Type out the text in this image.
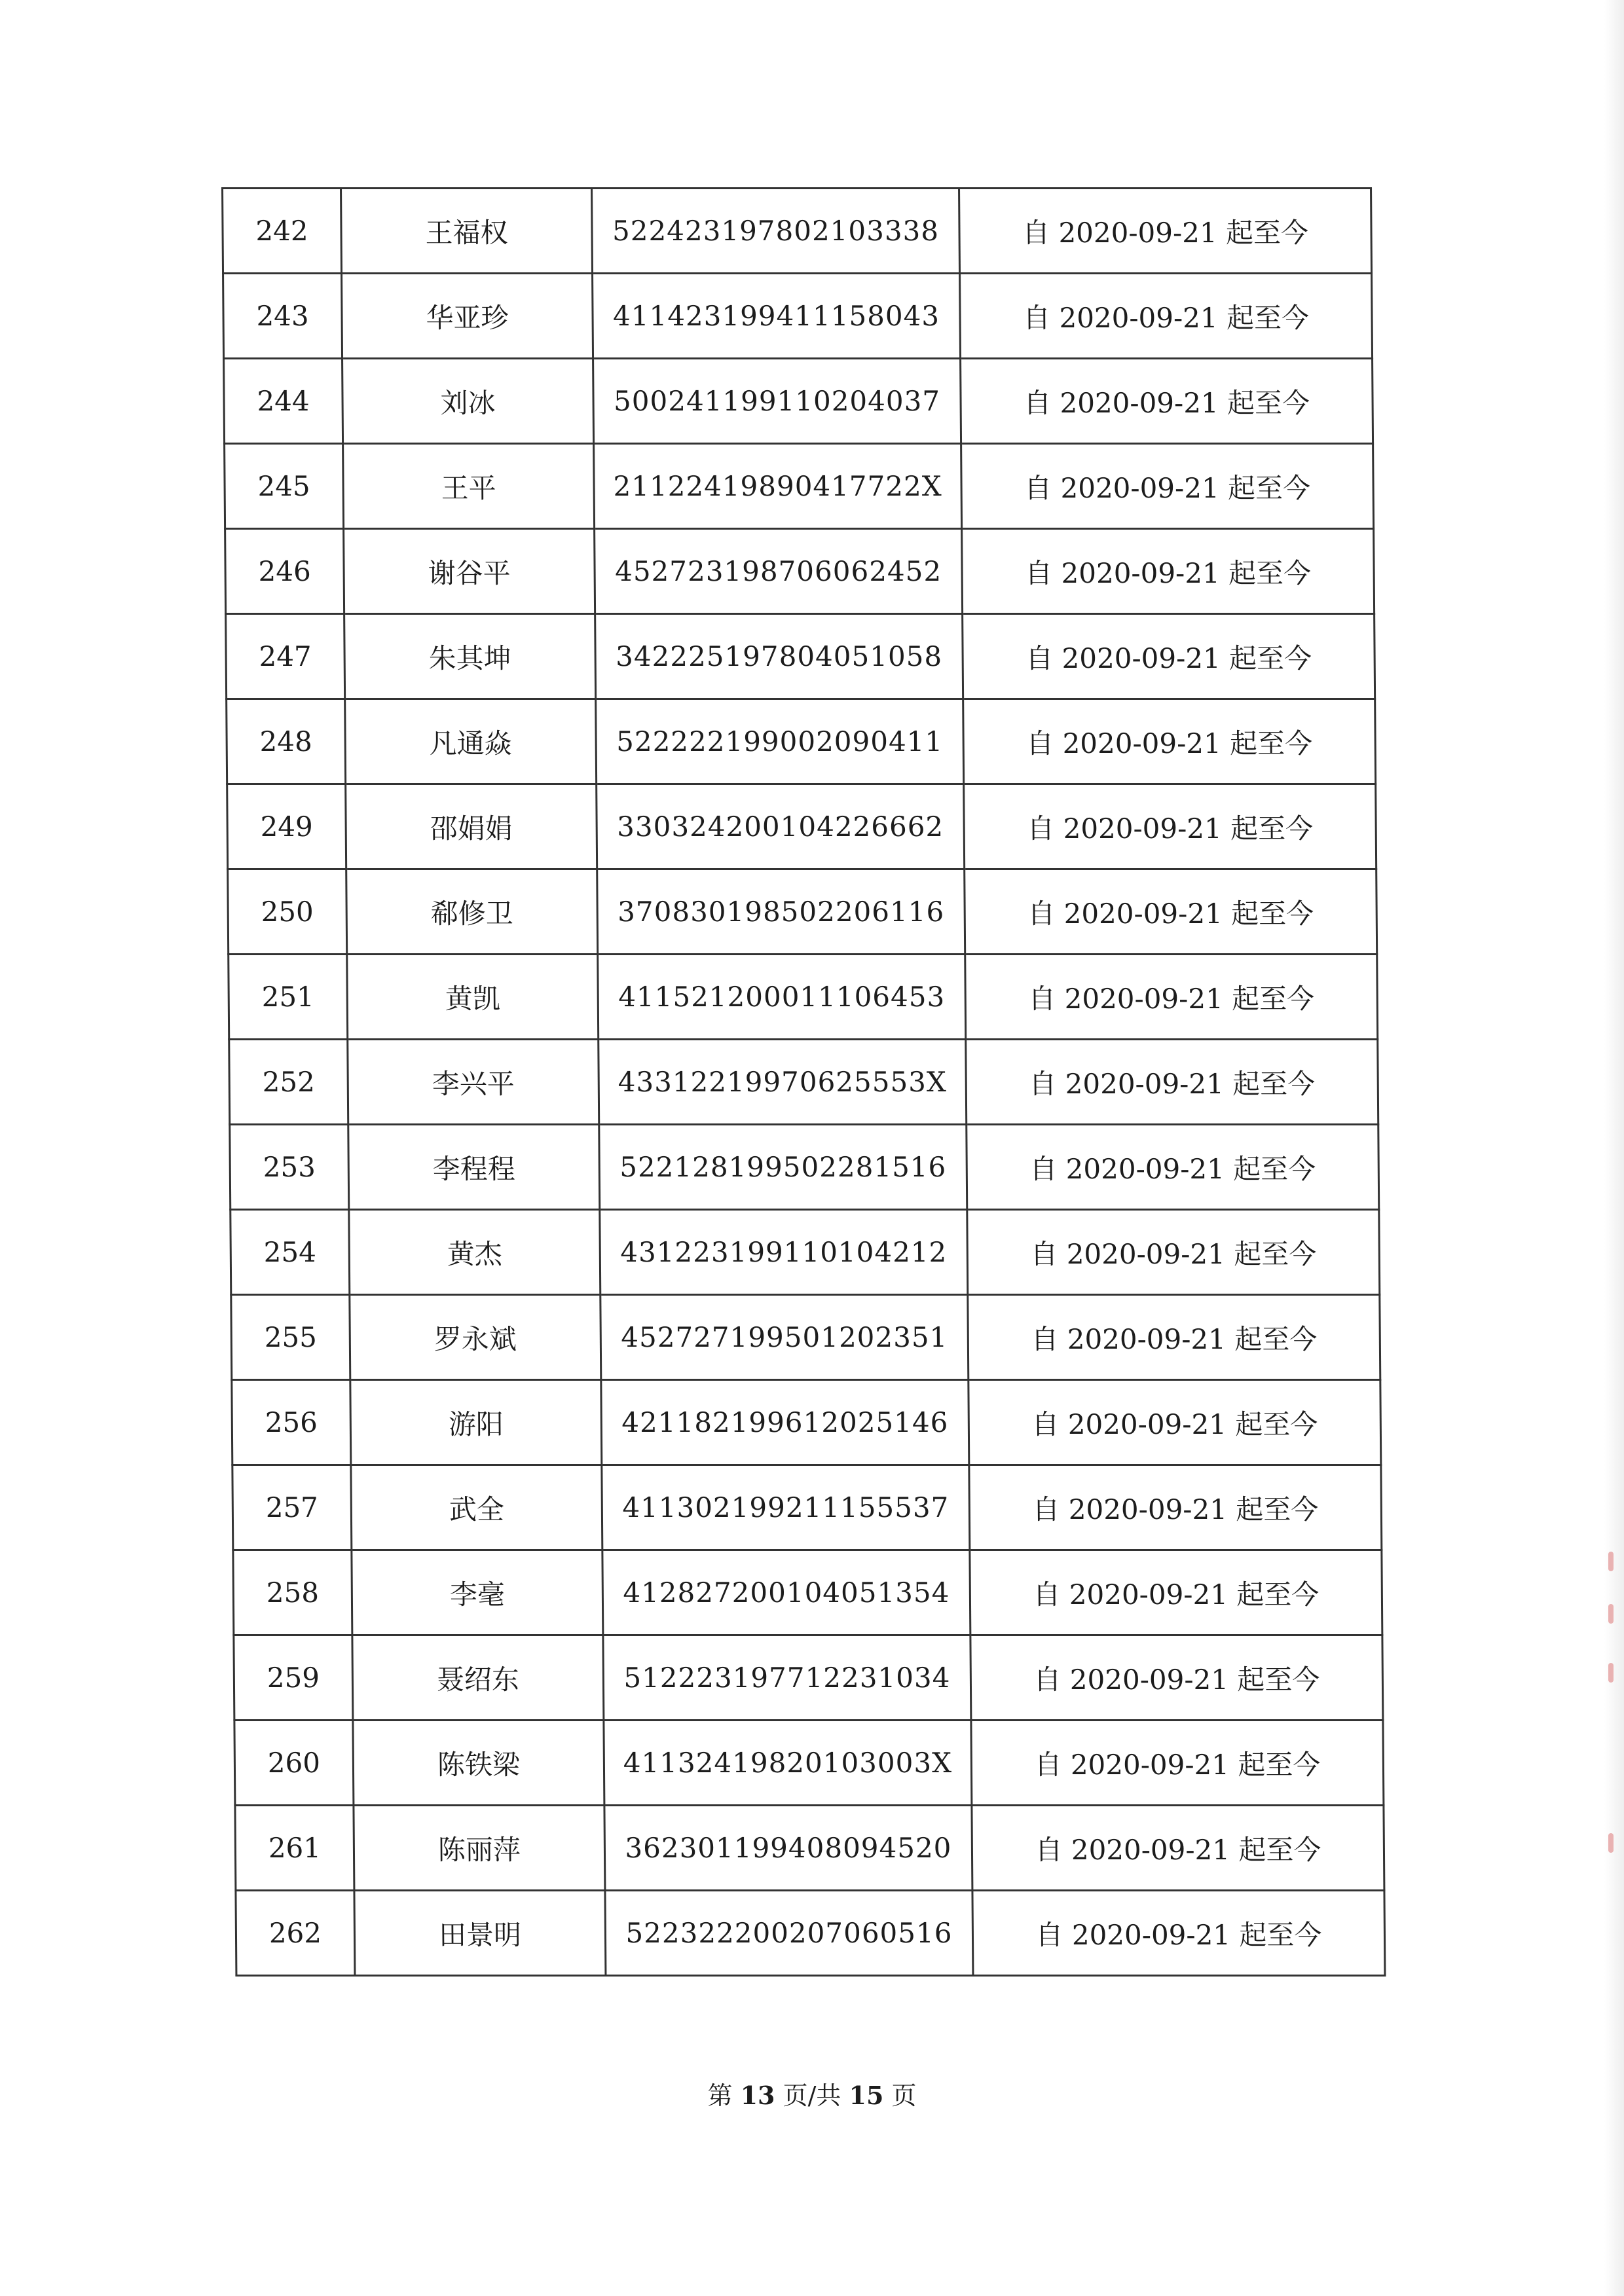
242	王福权	522423197802103338	自 2020-09-21 起至今
243	华亚珍	411423199411158043	自 2020-09-21 起至今
244	刘冰	500241199110204037	自 2020-09-21 起至今
245	王平	21122419890417722X	自 2020-09-21 起至今
246	谢谷平	452723198706062452	自 2020-09-21 起至今
247	朱其坤	342225197804051058	自 2020-09-21 起至今
248	凡通焱	522222199002090411	自 2020-09-21 起至今
249	邵娟娟	330324200104226662	自 2020-09-21 起至今
250	郗修卫	370830198502206116	自 2020-09-21 起至今
251	黄凯	411521200011106453	自 2020-09-21 起至今
252	李兴平	43312219970625553X	自 2020-09-21 起至今
253	李程程	522128199502281516	自 2020-09-21 起至今
254	黄杰	431223199110104212	自 2020-09-21 起至今
255	罗永斌	452727199501202351	自 2020-09-21 起至今
256	游阳	421182199612025146	自 2020-09-21 起至今
257	武全	411302199211155537	自 2020-09-21 起至今
258	李毫	412827200104051354	自 2020-09-21 起至今
259	聂绍东	512223197712231034	自 2020-09-21 起至今
260	陈铁梁	41132419820103003X	自 2020-09-21 起至今
261	陈丽萍	362301199408094520	自 2020-09-21 起至今
262	田景明	522322200207060516	自 2020-09-21 起至今
第 13 页/共 15 页
